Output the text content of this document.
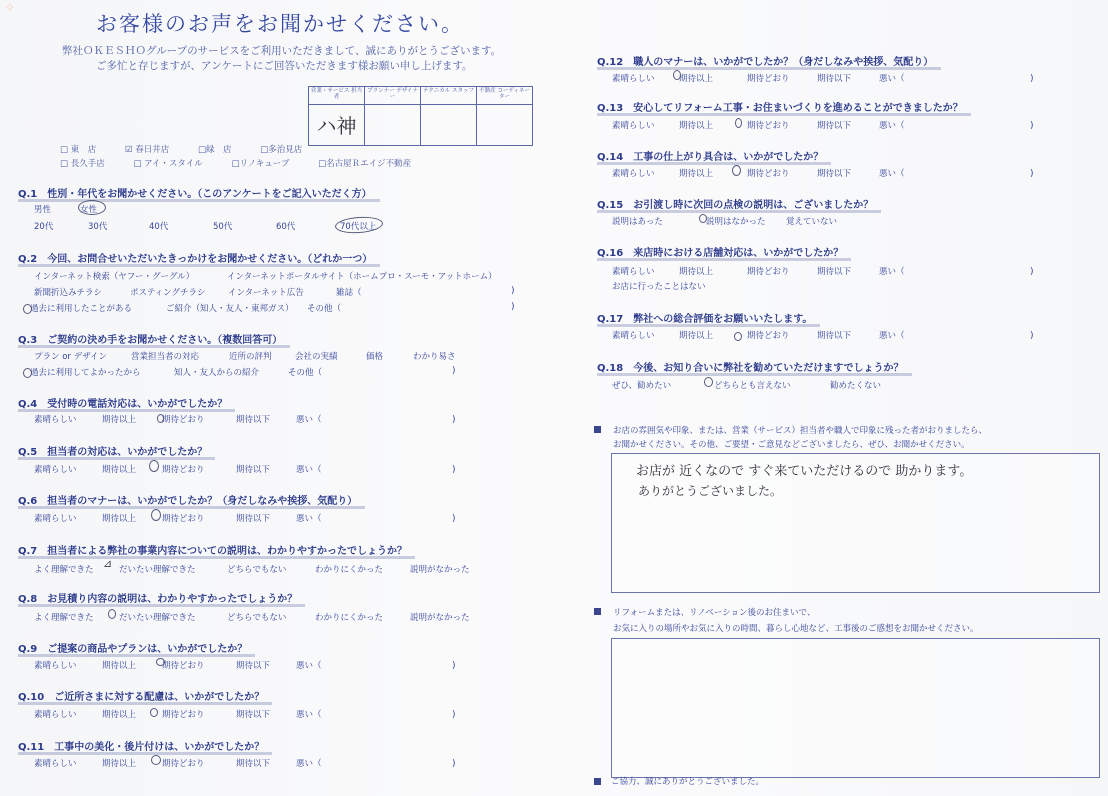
✧
お客様のお声をお聞かせください。
弊社ＯＫＥＳＨＯグループのサービスをご利用いただきまして、誠にありがとうございます。
ご多忙と存じますが、アンケートにご回答いただきます様お願い申し上げます。
営業・サービス 担当者	プランナー デザイナー	テクニカル スタッフ	不動産 コーディネーター

ハ神			

□ 東　店	☑ 春日井店	□緑　店	□多治見店
□ 長久手店	□ アイ・スタイル	□リノキューブ	□名古屋Ｒエイジ不動産
Q.1　性別・年代をお聞かせください。（このアンケートをご記入いただく方）
男性	女性
20代	30代	40代	50代	60代	70代以上
Q.2　今回、お問合せいただいたきっかけをお聞かせください。（どれか一つ）
インターネット検索（ヤフー・グーグル）	インターネットポータルサイト（ホームプロ・スーモ・アットホーム）
新聞折込みチラシ	ポスティングチラシ	インターネット広告	雑誌（	)
過去に利用したことがある	ご紹介（知人・友人・東邦ガス） その他（	)
Q.3　ご契約の決め手をお聞かせください。（複数回答可）
プラン or デザイン	営業担当者の対応	近所の評判	会社の実績	価格	わかり易さ
過去に利用してよかったから	知人・友人からの紹介	その他（	)
Q.4　受付時の電話対応は、いかがでしたか？
素晴らしい	期待以上	期待どおり	期待以下	悪い（	)
Q.5　担当者の対応は、いかがでしたか？
素晴らしい	期待以上	期待どおり	期待以下	悪い（	)
Q.6　担当者のマナーは、いかがでしたか？（身だしなみや挨拶、気配り）
素晴らしい	期待以上	期待どおり	期待以下	悪い（	)
Q.7　担当者による弊社の事業内容についての説明は、わかりやすかったでしょうか？
よく理解できた	だいたい理解できた	どちらでもない	わかりにくかった	説明がなかった
⊿
Q.8　お見積り内容の説明は、わかりやすかったでしょうか？
よく理解できた	だいたい理解できた	どちらでもない	わかりにくかった	説明がなかった
Q.9　ご提案の商品やプランは、いかがでしたか？
素晴らしい	期待以上	期待どおり	期待以下	悪い（	)
Q.10　ご近所さまに対する配慮は、いかがでしたか？
素晴らしい	期待以上	期待どおり	期待以下	悪い（	)
Q.11　工事中の美化・後片付けは、いかがでしたか？
素晴らしい	期待以上	期待どおり	期待以下	悪い（	)
Q.12　職人のマナーは、いかがでしたか？（身だしなみや挨拶、気配り）
素晴らしい	期待以上	期待どおり	期待以下	悪い（	)
Q.13　安心してリフォーム工事・お住まいづくりを進めることができましたか？
素晴らしい	期待以上	期待どおり	期待以下	悪い（	)
Q.14　工事の仕上がり具合は、いかがでしたか？
素晴らしい	期待以上	期待どおり	期待以下	悪い（	)
Q.15　お引渡し時に次回の点検の説明は、ございましたか？
説明はあった	説明はなかった 覚えていない
Q.16　来店時における店舗対応は、いかがでしたか？
素晴らしい	期待以上	期待どおり	期待以下	悪い（	)
お店に行ったことはない
Q.17　弊社への総合評価をお願いいたします。
素晴らしい	期待以上	期待どおり	期待以下	悪い（	)
Q.18　今後、お知り合いに弊社を勧めていただけますでしょうか？
ぜひ、勧めたい	どちらとも言えない	勧めたくない
お店の雰囲気や印象、または、営業（サービス）担当者や職人で印象に残った者がおりましたら、
お聞かせください。その他、ご要望・ご意見などございましたら、ぜひ、お聞かせください。
お店が 近くなので すぐ来ていただけるので 助かります。
ありがとうございました。
リフォームまたは、リノベーション後のお住まいで、
お気に入りの場所やお気に入りの時間、暮らし心地など、工事後のご感想をお聞かせください。
ご協力、誠にありがとうございました。
